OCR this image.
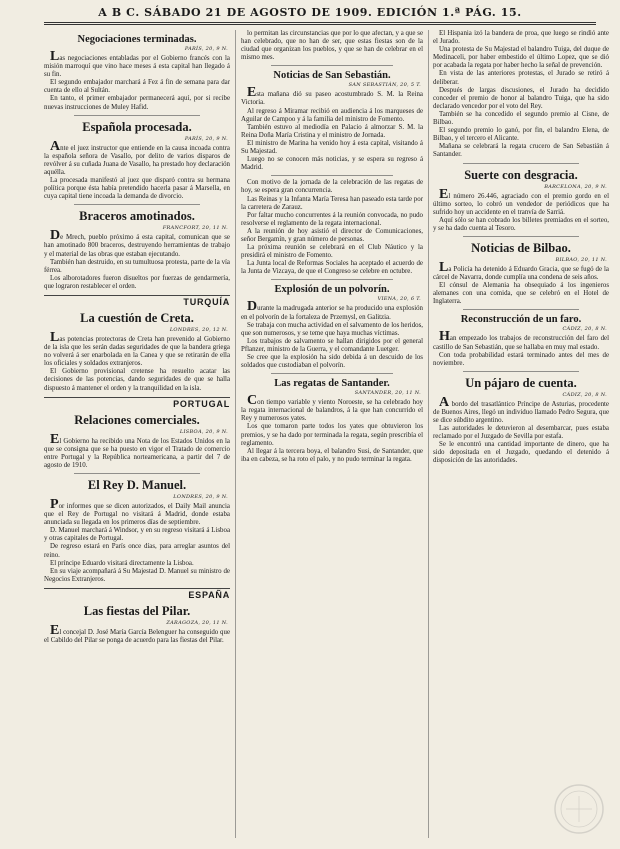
A B C. SÁBADO 21 DE AGOSTO DE 1909. EDICIÓN 1.ª PÁG. 15.
Negociaciones terminadas.
PARÍS, 20, 9 N.

Las negociaciones entabladas por el Gobierno francés con la misión marroquí que vino hace meses á esta capital han llegado á su fin.

El segundo embajador marchará á Fez á fin de semana para dar cuenta de ello al Sultán.

En tanto, el primer embajador permanecerá aquí, por si recibe nuevas instrucciones de Muley Hafid.

Española procesada.
PARÍS, 20, 9 N.

Ante el juez instructor que entiende en la causa incoada contra la española señora de Vasallo, por delito de varios disparos de revólver á su cuñada Juana de Vasallo, ha prestado hoy declaración aquélla.

La procesada manifestó al juez que disparó contra su hermana política porque ésta había pretendido hacerla pasar á Marsella, en cuya capital tiene incoada la demanda de divorcio.

Braceros amotinados.
FRANCFORT, 20, 11 N.

De Mrech, pueblo próximo á esta capital, comunican que se han amotinado 800 braceros, destruyendo herramientas de trabajo y el material de las obras que estaban ejecutando.

También han destruido, en su tumultuosa protesta, parte de la vía férrea.

Los alborotadores fueron disueltos por fuerzas de gendarmería, que lograron restablecer el orden.

TURQUÍA
La cuestión de Creta.
LONDRES, 20, 12 N.

Las potencias protectoras de Creta han prevenido al Gobierno de la isla que les serán dadas seguridades de que la bandera griega no volverá á ser enarbolada en la Canea y que se retirarán de ella los oficiales y soldados extranjeros.

El Gobierno provisional cretense ha resuelto acatar las decisiones de las potencias, dando seguridades de que se halla dispuesto á mantener el orden y la tranquilidad en la isla.

PORTUGAL
Relaciones comerciales.
LISBOA, 20, 9 N.

El Gobierno ha recibido una Nota de los Estados Unidos en la que se consigna que se ha puesto en vigor el Tratado de comercio entre Portugal y la República norteamericana, a partir del 7 de agosto de 1910.

El Rey D. Manuel.
LONDRES, 20, 9 N.

Por informes que se dicen autorizados, el Daily Mail anuncia que el Rey de Portugal no visitará á Madrid, donde estaba anunciada su llegada en los primeros días de septiembre.

D. Manuel marchará á Windsor, y en su regreso visitará á Lisboa y otras capitales de Portugal.

De regreso estará en París once días, para arreglar asuntos del reino.

El príncipe Eduardo visitará directamente la Lisboa.

En su viaje acompañará á Su Majestad D. Manuel su ministro de Negocios Extranjeros.

ESPAÑA
Las fiestas del Pilar.
ZARAGOZA, 20, 11 N.

El concejal D. José María García Belenguer ha conseguido que el Cabildo del Pilar se ponga de acuerdo para las fiestas del Pilar.

lo permitan las circunstancias que por lo que afectan, y a que se han celebrado, que no han de ser, que estas fiestas son de la ciudad que organizan los pueblos, y que se han de celebrar en el mismo mes.

Noticias de San Sebastián.
SAN SEBASTIÁN, 20, 5 T.

Esta mañana dió su paseo acostumbrado S. M. la Reina Victoria.

Al regreso á Miramar recibió en audiencia á los marqueses de Aguilar de Campoo y á la familia del ministro de Fomento.

También estuvo al mediodía en Palacio á almorzar S. M. la Reina Doña María Cristina y el ministro de Jornada.

El ministro de Marina ha venido hoy á esta capital, visitando á Su Majestad.

Luego no se conocen más noticias, y se espera su regreso á Madrid.

Con motivo de la jornada de la celebración de las regatas de hoy, se espera gran concurrencia.

Las Reinas y la Infanta María Teresa han paseado esta tarde por la carretera de Zarauz.

Por faltar mucho concurrentes á la reunión convocada, no pudo resolverse el reglamento de la regata internacional.

A la reunión de hoy asistió el director de Comunicaciones, señor Bergamín, y gran número de personas.

La próxima reunión se celebrará en el Club Náutico y la presidirá el ministro de Fomento.

La Junta local de Reformas Sociales ha aceptado el acuerdo de la Junta de Vizcaya, de que el Congreso se celebre en octubre.

Explosión de un polvorín.
VIENA, 20, 6 T.

Durante la madrugada anterior se ha producido una explosión en el polvorín de la fortaleza de Przemysl, en Galitzia.

Se trabaja con mucha actividad en el salvamento de los heridos, que son numerosos, y se teme que haya muchas víctimas.

Los trabajos de salvamento se hallan dirigidos por el general Pflanzer, ministro de la Guerra, y el comandante Luetger.

Se cree que la explosión ha sido debida á un descuido de los soldados que custodiaban el polvorín.

Las regatas de Santander.
SANTANDER, 20, 11 N.

Con tiempo variable y viento Noroeste, se ha celebrado hoy la regata internacional de balandros, á la que han concurrido el Rey y numerosos yates.

Los que tomaron parte todos los yates que obtuvieron los premios, y se ha dado por terminada la regata, según prescribía el reglamento.

Al llegar á la tercera boya, el balandro Susi, de Santander, que iba en cabeza, se ha roto el palo, y no pudo terminar la regata.

El Hispania izó la bandera de proa, que luego se rindió ante el Jurado.

Una protesta de Su Majestad el balandro Tuiga, del duque de Medinaceli, por haber embestido el último Lopez, que se dió por acabada la regata por haber hecho la señal de prevención.

En vista de las anteriores protestas, el Jurado se retiró á deliberar.

Después de largas discusiones, el Jurado ha decidido conceder el premio de honor al balandro Tuiga, que ha sido declarado vencedor por el voto del Rey.

También se ha concedido el segundo premio al Cisne, de Bilbao.

El segundo premio lo ganó, por fin, el balandro Elena, de Bilbao, y el tercero el Alicante.

Mañana se celebrará la regata crucero de San Sebastián á Santander.

Suerte con desgracia.
BARCELONA, 20, 9 N.

El número 26.446, agraciado con el premio gordo en el último sorteo, lo cobró un vendedor de periódicos que ha sufrido hoy un accidente en el tranvía de Sarriá.

Aquí sólo se han cobrado los billetes premiados en el sorteo, y se ha dado cuenta al Tesoro.

Noticias de Bilbao.
BILBAO, 20, 11 N.

La Policía ha detenido á Eduardo Gracia, que se fugó de la cárcel de Navarra, donde cumplía una condena de seis años.

El cónsul de Alemania ha obsequiado á los ingenieros alemanes con una comida, que se celebró en el Hotel de Inglaterra.

Reconstrucción de un faro.
CÁDIZ, 20, 8 N.

Han empezado los trabajos de reconstrucción del faro del castillo de San Sebastián, que se hallaba en muy mal estado.

Con toda probabilidad estará terminado antes del mes de noviembre.

Un pájaro de cuenta.
CÁDIZ, 20, 8 N.

A bordo del trasatlántico Príncipe de Asturias, procedente de Buenos Aires, llegó un individuo llamado Pedro Segura, que se dice súbdito argentino.

Las autoridades le detuvieron al desembarcar, pues estaba reclamado por el Juzgado de Sevilla por estafa.

Se le encontró una cantidad importante de dinero, que ha sido depositada en el Juzgado, quedando el detenido á disposición de las autoridades.
